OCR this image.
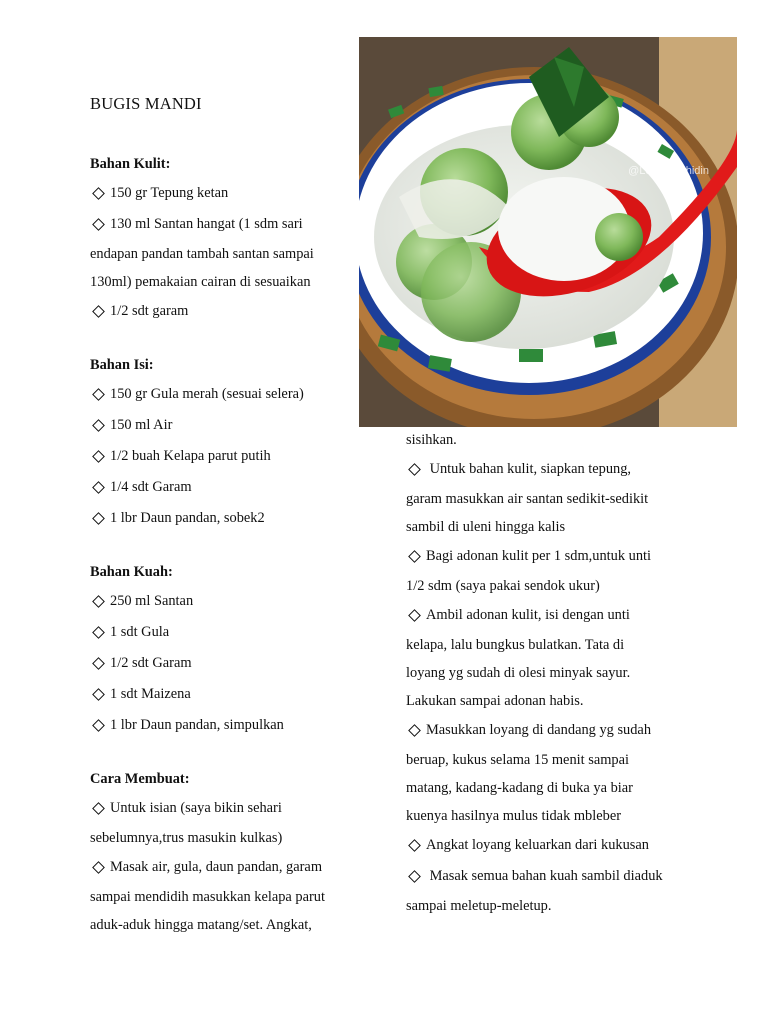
BUGIS MANDI
@LestariSahidin
Bahan Kulit:
150 gr Tepung ketan
130 ml Santan hangat (1 sdm sari
endapan pandan tambah santan sampai
130ml) pemakaian cairan di sesuaikan
1/2 sdt garam
Bahan Isi:
150 gr Gula merah (sesuai selera)
150 ml Air
1/2 buah Kelapa parut putih
1/4 sdt Garam
1 lbr Daun pandan, sobek2
Bahan Kuah:
250 ml Santan
1 sdt Gula
1/2 sdt Garam
1 sdt Maizena
1 lbr Daun pandan, simpulkan
Cara Membuat:
Untuk isian (saya bikin sehari
sebelumnya,trus masukin kulkas)
Masak air, gula, daun pandan, garam
sampai mendidih masukkan kelapa parut
aduk-aduk hingga matang/set. Angkat,
sisihkan.
Untuk bahan kulit, siapkan tepung,
garam masukkan air santan sedikit-sedikit
sambil di uleni hingga kalis
Bagi adonan kulit per 1 sdm,untuk unti
1/2 sdm (saya pakai sendok ukur)
Ambil adonan kulit, isi dengan unti
kelapa, lalu bungkus bulatkan. Tata di
loyang yg sudah di olesi minyak sayur.
Lakukan sampai adonan habis.
Masukkan loyang di dandang yg sudah
beruap, kukus selama 15 menit sampai
matang, kadang-kadang di buka ya biar
kuenya hasilnya mulus tidak mbleber
Angkat loyang keluarkan dari kukusan
Masak semua bahan kuah sambil diaduk
sampai meletup-meletup.
